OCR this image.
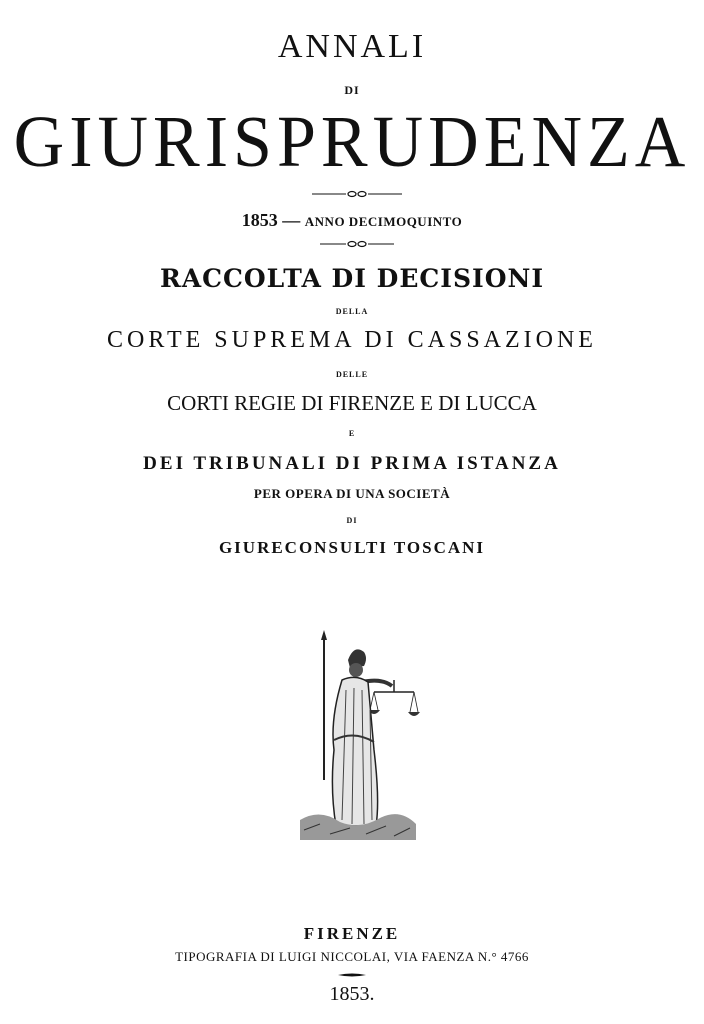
ANNALI
DI
GIURISPRUDENZA
1853 — ANNO DECIMOQUINTO
RACCOLTA DI DECISIONI
DELLA
CORTE SUPREMA DI CASSAZIONE
DELLE
CORTI REGIE DI FIRENZE E DI LUCCA
E
DEI TRIBUNALI DI PRIMA ISTANZA
PER OPERA DI UNA SOCIETÀ
DI
GIURECONSULTI TOSCANI
FIRENZE
TIPOGRAFIA DI LUIGI NICCOLAI, VIA FAENZA N.° 4766
1853.
